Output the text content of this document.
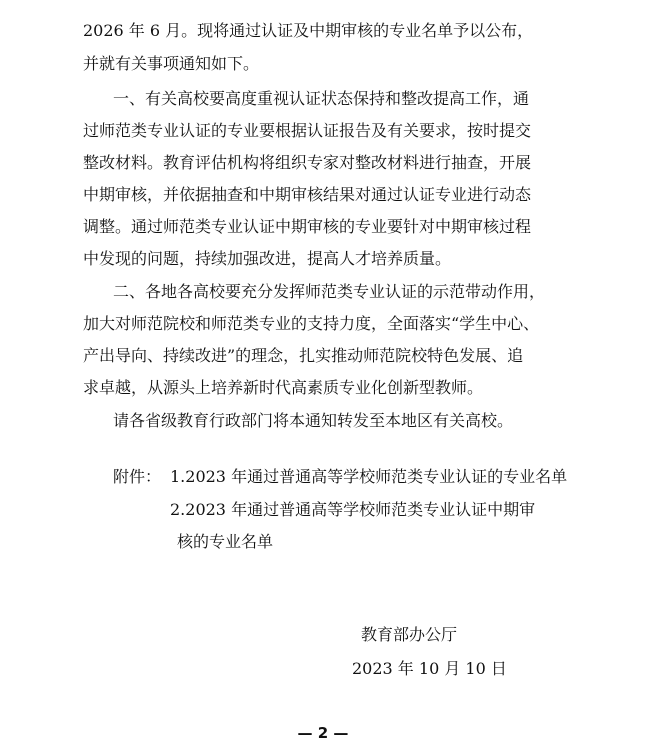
2026 年 6 月。现将通过认证及中期审核的专业名单予以公布，
并就有关事项通知如下。
一、有关高校要高度重视认证状态保持和整改提高工作，通
过师范类专业认证的专业要根据认证报告及有关要求，按时提交
整改材料。教育评估机构将组织专家对整改材料进行抽查，开展
中期审核，并依据抽查和中期审核结果对通过认证专业进行动态
调整。通过师范类专业认证中期审核的专业要针对中期审核过程
中发现的问题，持续加强改进，提高人才培养质量。
二、各地各高校要充分发挥师范类专业认证的示范带动作用，
加大对师范院校和师范类专业的支持力度，全面落实“学生中心、
产出导向、持续改进”的理念，扎实推动师范院校特色发展、追
求卓越，从源头上培养新时代高素质专业化创新型教师。
请各省级教育行政部门将本通知转发至本地区有关高校。
附件： 1.2023 年通过普通高等学校师范类专业认证的专业名单
2.2023 年通过普通高等学校师范类专业认证中期审
核的专业名单
教育部办公厅
2023 年 10 月 10 日
— 2 —
